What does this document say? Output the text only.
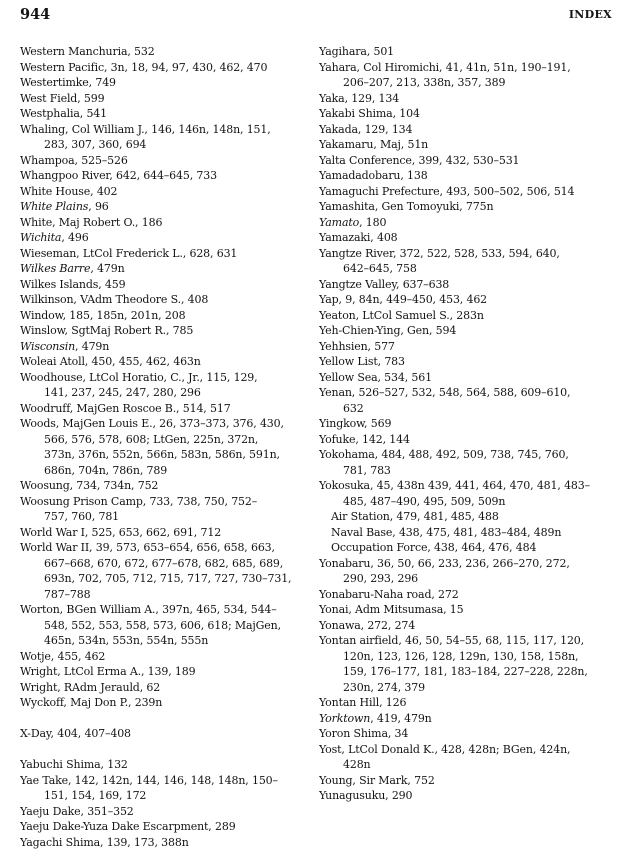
944	INDEX
Western Manchuria, 532
Western Pacific, 3n, 18, 94, 97, 430, 462, 470
Westertimke, 749
West Field, 599
Westphalia, 541
Whaling, Col William J., 146, 146n, 148n, 151,
283, 307, 360, 694
Whampoa, 525–526
Whangpoo River, 642, 644–645, 733
White House, 402
White Plains, 96
White, Maj Robert O., 186
Wichita, 496
Wieseman, LtCol Frederick L., 628, 631
Wilkes Barre, 479n
Wilkes Islands, 459
Wilkinson, VAdm Theodore S., 408
Window, 185, 185n, 201n, 208
Winslow, SgtMaj Robert R., 785
Wisconsin, 479n
Woleai Atoll, 450, 455, 462, 463n
Woodhouse, LtCol Horatio, C., Jr., 115, 129,
141, 237, 245, 247, 280, 296
Woodruff, MajGen Roscoe B., 514, 517
Woods, MajGen Louis E., 26, 373–373, 376, 430,
566, 576, 578, 608; LtGen, 225n, 372n,
373n, 376n, 552n, 566n, 583n, 586n, 591n,
686n, 704n, 786n, 789
Woosung, 734, 734n, 752
Woosung Prison Camp, 733, 738, 750, 752–
757, 760, 781
World War I, 525, 653, 662, 691, 712
World War II, 39, 573, 653–654, 656, 658, 663,
667–668, 670, 672, 677–678, 682, 685, 689,
693n, 702, 705, 712, 715, 717, 727, 730–731,
787–788
Worton, BGen William A., 397n, 465, 534, 544–
548, 552, 553, 558, 573, 606, 618; MajGen,
465n, 534n, 553n, 554n, 555n
Wotje, 455, 462
Wright, LtCol Erma A., 139, 189
Wright, RAdm Jerauld, 62
Wyckoff, Maj Don P., 239n
X-Day, 404, 407–408
Yabuchi Shima, 132
Yae Take, 142, 142n, 144, 146, 148, 148n, 150–
151, 154, 169, 172
Yaeju Dake, 351–352
Yaeju Dake-Yuza Dake Escarpment, 289
Yagachi Shima, 139, 173, 388n
Yagihara, 501
Yahara, Col Hiromichi, 41, 41n, 51n, 190–191,
206–207, 213, 338n, 357, 389
Yaka, 129, 134
Yakabi Shima, 104
Yakada, 129, 134
Yakamaru, Maj, 51n
Yalta Conference, 399, 432, 530–531
Yamadadobaru, 138
Yamaguchi Prefecture, 493, 500–502, 506, 514
Yamashita, Gen Tomoyuki, 775n
Yamato, 180
Yamazaki, 408
Yangtze River, 372, 522, 528, 533, 594, 640,
642–645, 758
Yangtze Valley, 637–638
Yap, 9, 84n, 449–450, 453, 462
Yeaton, LtCol Samuel S., 283n
Yeh-Chien-Ying, Gen, 594
Yehhsien, 577
Yellow List, 783
Yellow Sea, 534, 561
Yenan, 526–527, 532, 548, 564, 588, 609–610,
632
Yingkow, 569
Yofuke, 142, 144
Yokohama, 484, 488, 492, 509, 738, 745, 760,
781, 783
Yokosuka, 45, 438n 439, 441, 464, 470, 481, 483–
485, 487–490, 495, 509, 509n
Air Station, 479, 481, 485, 488
Naval Base, 438, 475, 481, 483–484, 489n
Occupation Force, 438, 464, 476, 484
Yonabaru, 36, 50, 66, 233, 236, 266–270, 272,
290, 293, 296
Yonabaru-Naha road, 272
Yonai, Adm Mitsumasa, 15
Yonawa, 272, 274
Yontan airfield, 46, 50, 54–55, 68, 115, 117, 120,
120n, 123, 126, 128, 129n, 130, 158, 158n,
159, 176–177, 181, 183–184, 227–228, 228n,
230n, 274, 379
Yontan Hill, 126
Yorktown, 419, 479n
Yoron Shima, 34
Yost, LtCol Donald K., 428, 428n; BGen, 424n,
428n
Young, Sir Mark, 752
Yunagusuku, 290
